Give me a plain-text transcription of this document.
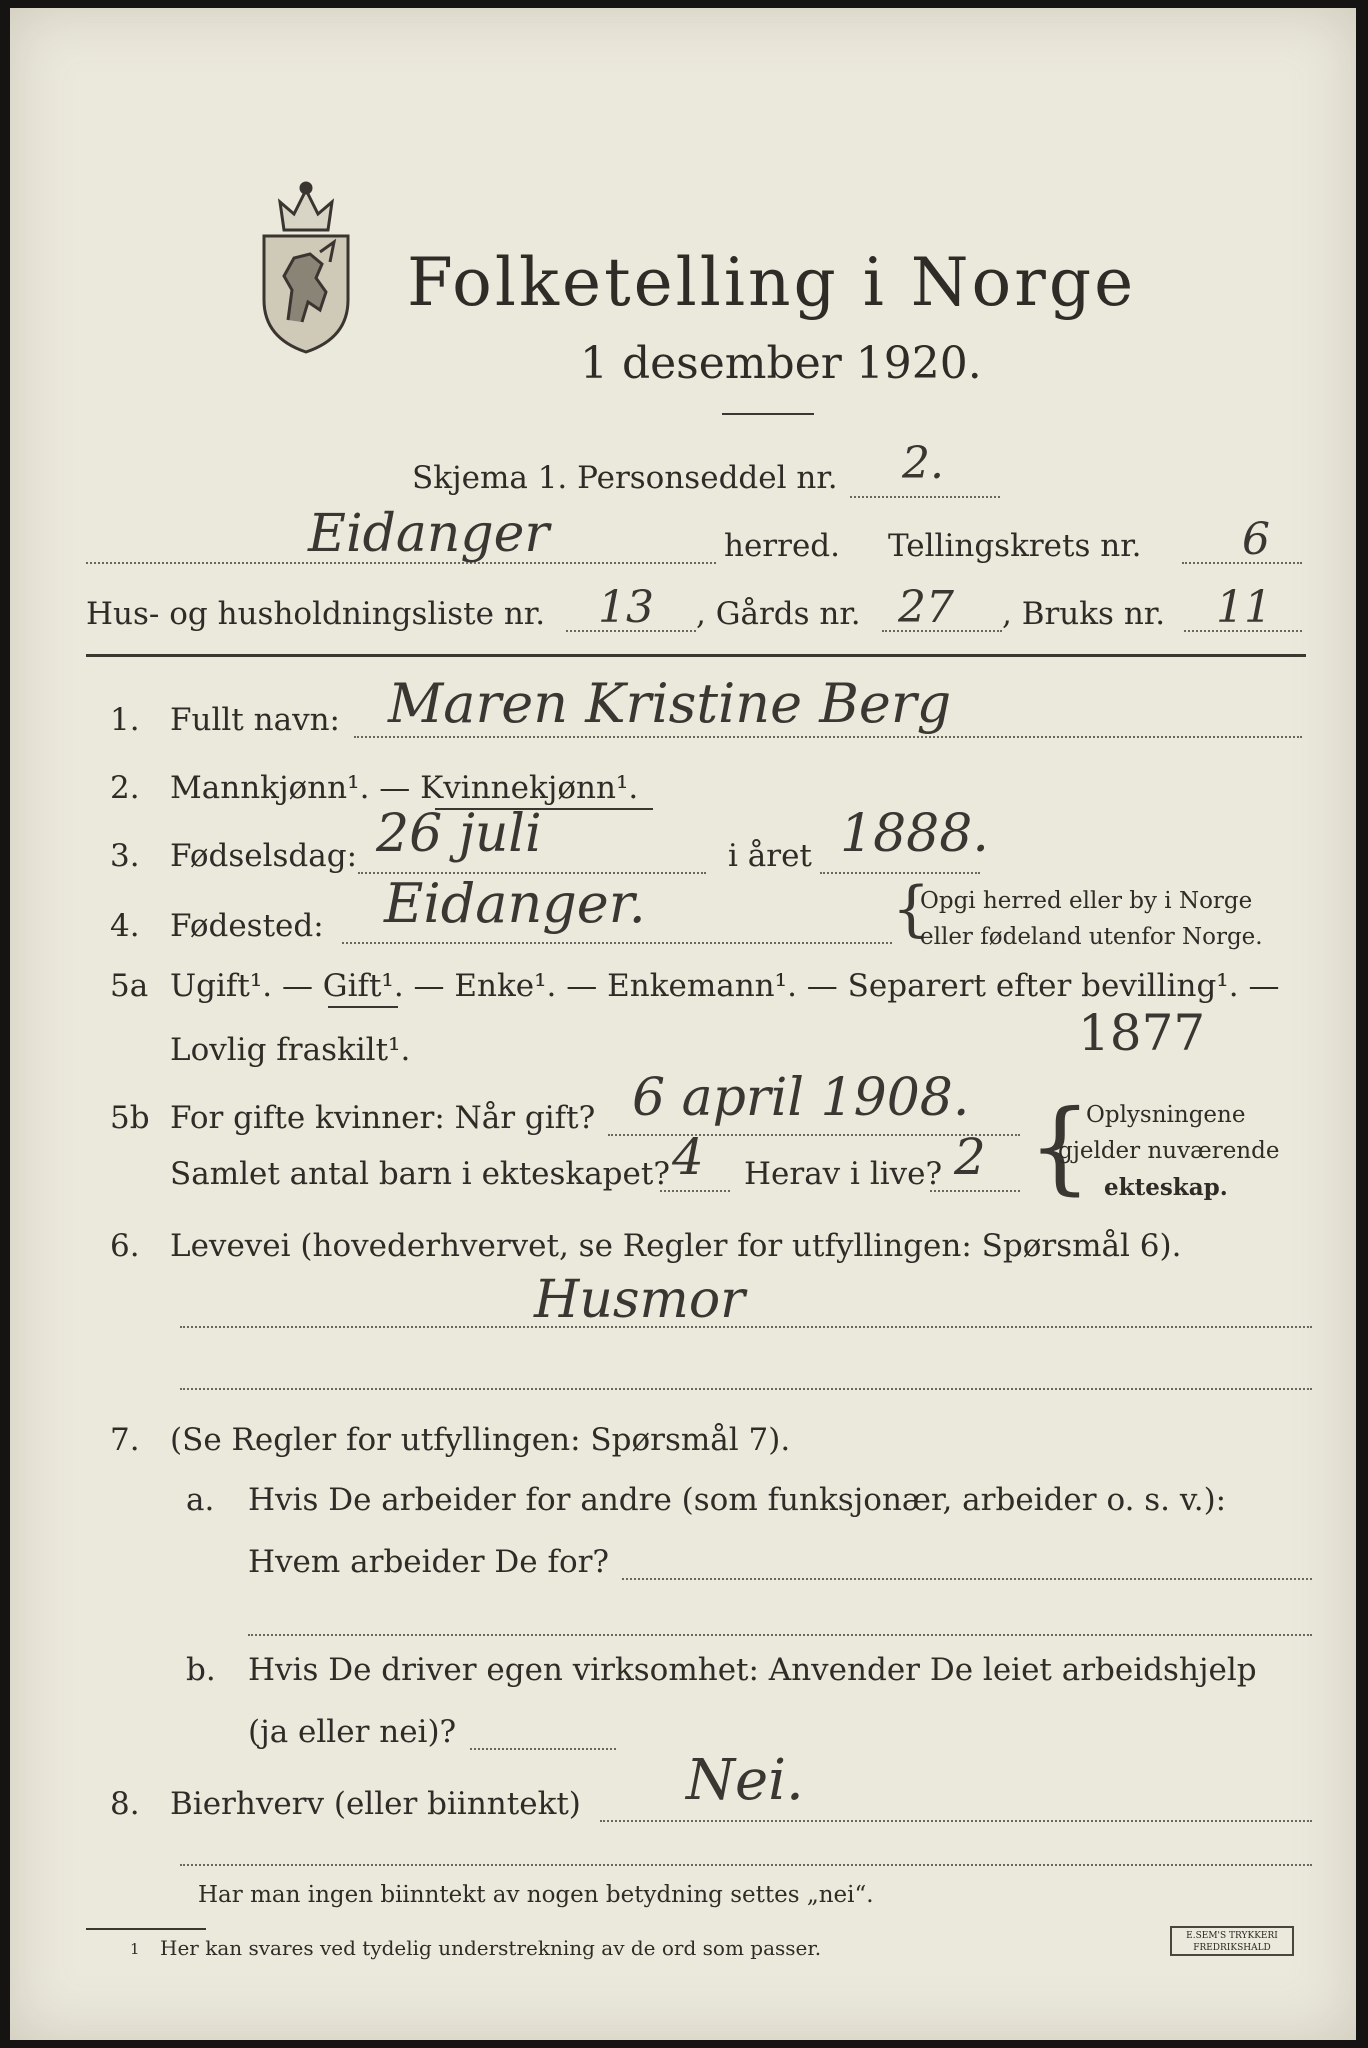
Folketelling i Norge
1 desember 1920.
Skjema 1. Personseddel nr. 2.
Eidanger	herred. Tellingskrets nr. 6
Hus- og husholdningsliste nr. 13 , Gårds nr. 27 , Bruks nr. 11
1. Fullt navn: Maren Kristine Berg
2. Mannkjønn¹. — Kvinnekjønn¹.
3. Fødselsdag: 26 juli	i året 1888.
4. Fødested: Eidanger.	{
Opgi herred eller by i Norge
eller fødeland utenfor Norge.
5a Ugift¹. — Gift¹. — Enke¹. — Enkemann¹. — Separert efter bevilling¹. —
Lovlig fraskilt¹.	1877
5b For gifte kvinner: Når gift? 6 april 1908.
Samlet antal barn i ekteskapet? 4 Herav i live? 2 {
Oplysningene
gjelder nuværende
ekteskap.
6. Levevei (hovederhvervet, se Regler for utfyllingen: Spørsmål 6).
Husmor
7. (Se Regler for utfyllingen: Spørsmål 7).
a. Hvis De arbeider for andre (som funksjonær, arbeider o. s. v.):
Hvem arbeider De for?
b. Hvis De driver egen virksomhet: Anvender De leiet arbeidshjelp
(ja eller nei)?
8. Bierhverv (eller biinntekt) Nei.
Har man ingen biinntekt av nogen betydning settes „nei“.
1 Her kan svares ved tydelig understrekning av de ord som passer.	E.SEM'S TRYKKERI
FREDRIKSHALD
